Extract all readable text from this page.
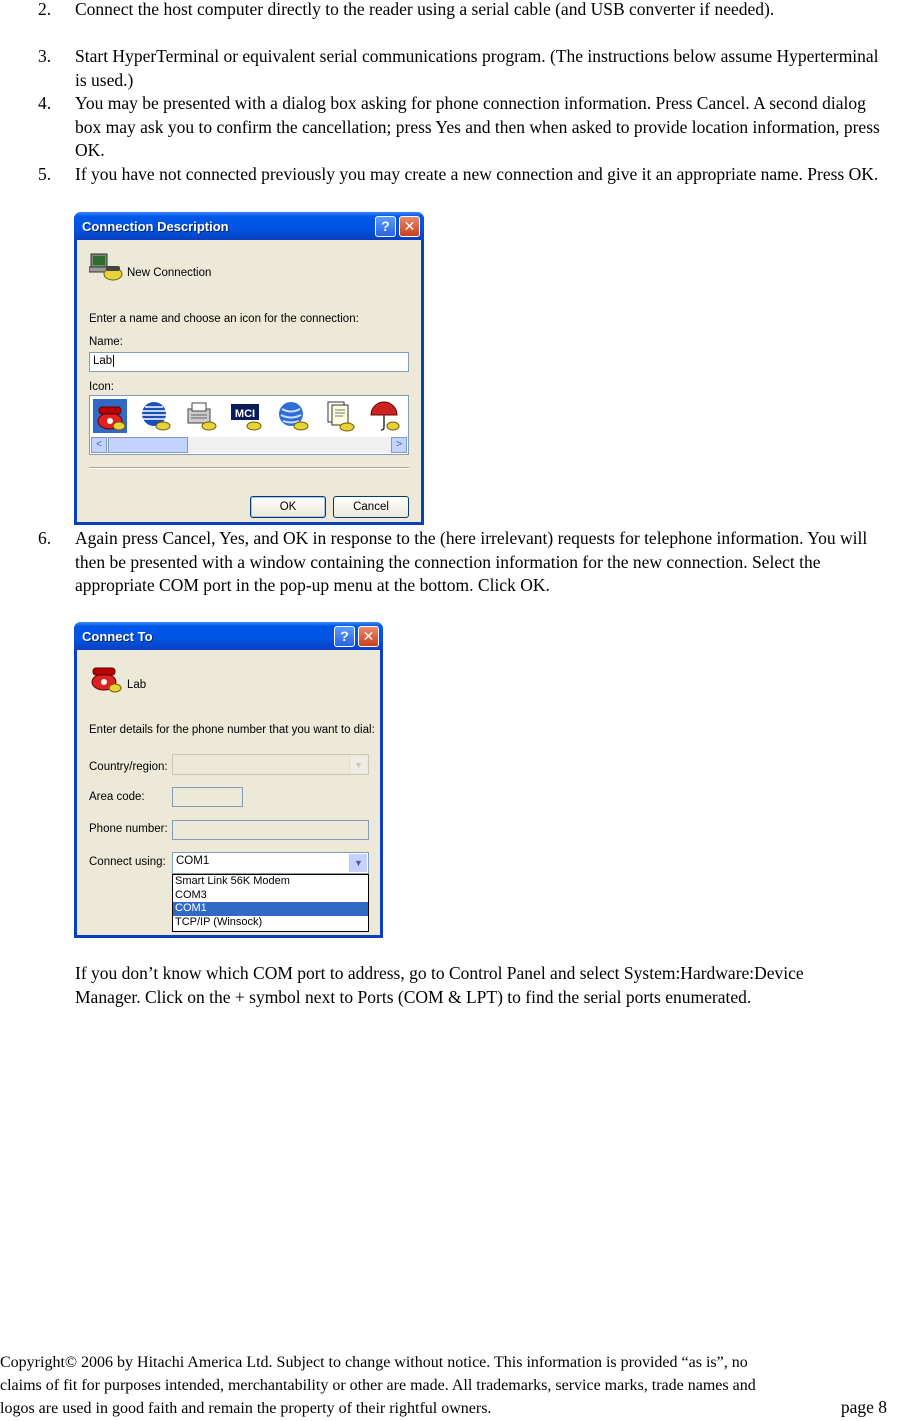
2. Connect the host computer directly to the reader using a serial cable (and USB converter if needed).
3. Start HyperTerminal or equivalent serial communications program. (The instructions below assume Hyperterminal is used.)
4. You may be presented with a dialog box asking for phone connection information. Press Cancel. A second dialog box may ask you to confirm the cancellation; press Yes and then when asked to provide location information, press OK.
5. If you have not connected previously you may create a new connection and give it an appropriate name. Press OK.
Connection Description	? ✕
New Connection
Enter a name and choose an icon for the connection:
Name:
Lab
Icon:
MCI
<	>
OK	Cancel
6. Again press Cancel, Yes, and OK in response to the (here irrelevant) requests for telephone information. You will then be presented with a window containing the connection information for the new connection. Select the appropriate COM port in the pop-up menu at the bottom. Click OK.
Connect To	? ✕
Lab
Enter details for the phone number that you want to dial:
Country/region:	▼
Area code:
Phone number:
Connect using: COM1	▼
Smart Link 56K Modem
COM3
COM1
TCP/IP (Winsock)
If you don’t know which COM port to address, go to Control Panel and select System:Hardware:Device Manager. Click on the + symbol next to Ports (COM & LPT) to find the serial ports enumerated.
Copyright© 2006 by Hitachi America Ltd. Subject to change without notice. This information is provided “as is”, no
claims of fit for purposes intended, merchantability or other are made. All trademarks, service marks, trade names and
logos are used in good faith and remain the property of their rightful owners.	page 8
